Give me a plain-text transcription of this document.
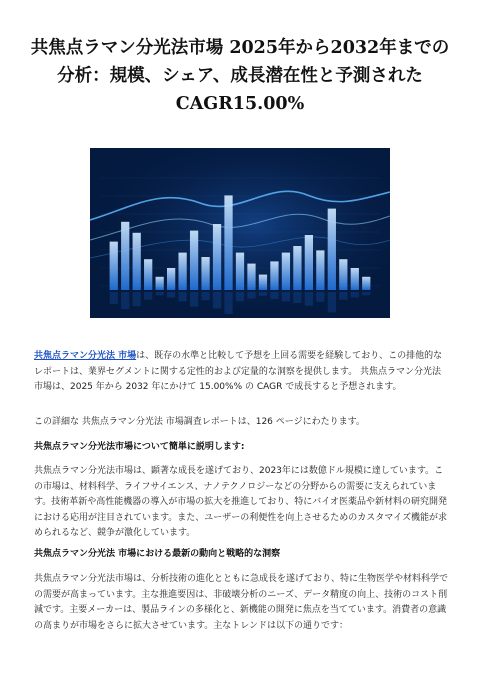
共焦点ラマン分光法市場 2025年から2032年までの分析：規模、シェア、成長潜在性と予測されたCAGR15.00%

共焦点ラマン分光法 市場は、既存の水準と比較して予想を上回る需要を経験しており、この排他的なレポートは、業界セグメントに関する定性的および定量的な洞察を提供します。 共焦点ラマン分光法 市場は、2025 年から 2032 年にかけて 15.00%% の CAGR で成長すると予想されます。

この詳細な 共焦点ラマン分光法 市場調査レポートは、126 ページにわたります。

共焦点ラマン分光法市場について簡単に説明します:

共焦点ラマン分光法市場は、顕著な成長を遂げており、2023年には数億ドル規模に達しています。この市場は、材料科学、ライフサイエンス、ナノテクノロジーなどの分野からの需要に支えられています。技術革新や高性能機器の導入が市場の拡大を推進しており、特にバイオ医薬品や新材料の研究開発における応用が注目されています。また、ユーザーの利便性を向上させるためのカスタマイズ機能が求められるなど、競争が激化しています。

共焦点ラマン分光法 市場における最新の動向と戦略的な洞察

共焦点ラマン分光法市場は、分析技術の進化とともに急成長を遂げており、特に生物医学や材料科学での需要が高まっています。主な推進要因は、非破壊分析のニーズ、データ精度の向上、技術のコスト削減です。主要メーカーは、製品ラインの多様化と、新機能の開発に焦点を当てています。消費者の意識の高まりが市場をさらに拡大させています。主なトレンドは以下の通りです：
